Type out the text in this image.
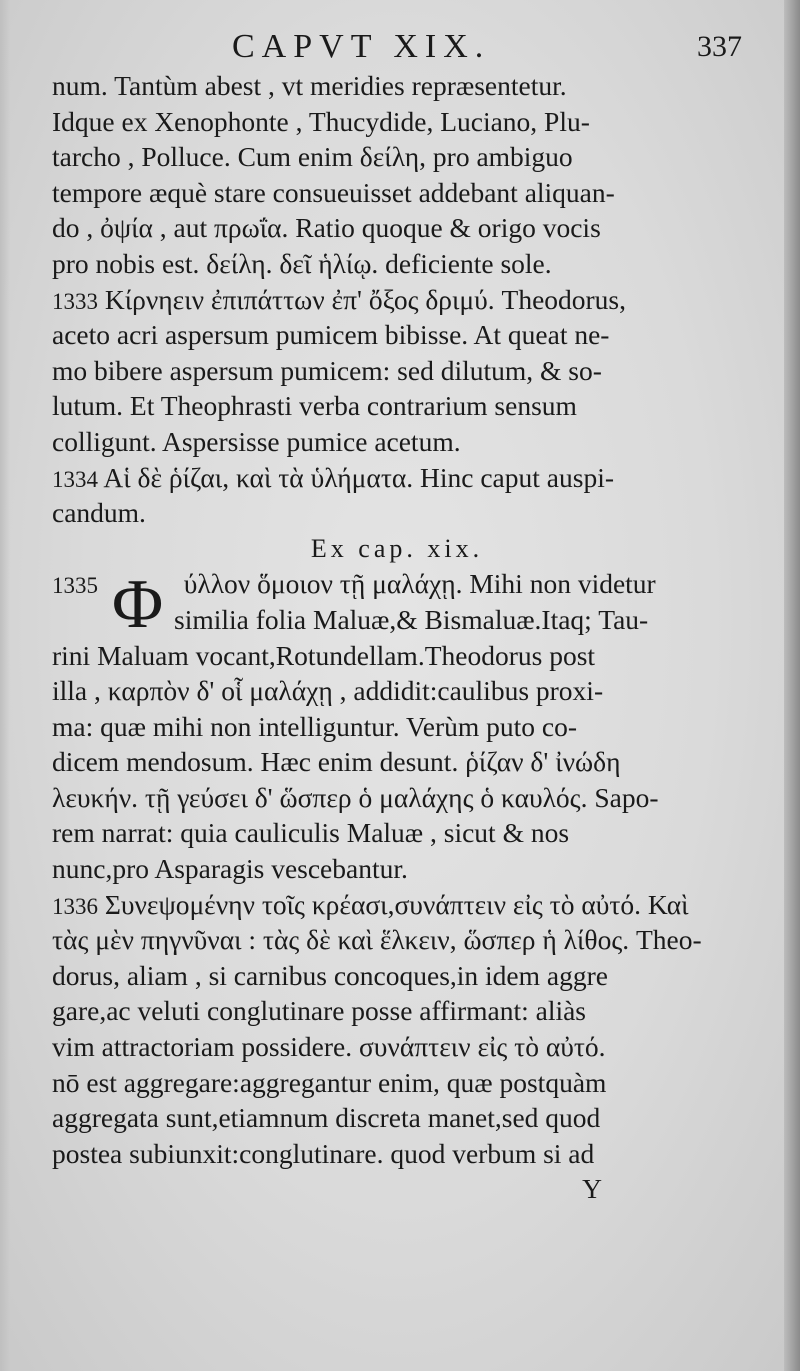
CAPVT XIX.	337
num. Tantùm abest , vt meridies repræsentetur.
Idque ex Xenophonte , Thucydide, Luciano, Plu-
tarcho , Polluce. Cum enim δείλη, pro ambiguo
tempore æquè stare consueuisset addebant aliquan-
do , ὀψία , aut πρωΐα. Ratio quoque & origo vocis
pro nobis est. δείλη. δεῖ ἡλίῳ. deficiente sole.
1333 Κίρνηειν ἐπιπάττων ἐπ' ὄξος δριμύ. Theodorus,
aceto acri aspersum pumicem bibisse. At queat ne-
mo bibere aspersum pumicem: sed dilutum, & so-
lutum. Et Theophrasti verba contrarium sensum
colligunt. Aspersisse pumice acetum.
1334 Αἱ δὲ ῥίζαι, καὶ τὰ ὑλήματα. Hinc caput auspi-
candum.
Ex cap. xix.
Φ
1335	ύλλον ὅμοιον τῇ μαλάχῃ. Mihi non videtur
similia folia Maluæ,& Bismaluæ.Itaq; Tau-
rini Maluam vocant,Rotundellam.Theodorus post
illa , καρπὸν δ' οἷ μαλάχῃ , addidit:caulibus proxi-
ma: quæ mihi non intelliguntur. Verùm puto co-
dicem mendosum. Hæc enim desunt. ῥίζαν δ' ἰνώδη
λευκήν. τῇ γεύσει δ' ὥσπερ ὁ μαλάχης ὁ καυλός. Sapo-
rem narrat: quia cauliculis Maluæ , sicut & nos
nunc,pro Asparagis vescebantur.
1336 Συνεψομένην τοῖς κρέασι,συνάπτειν εἰς τὸ αὐτό. Καὶ
τὰς μὲν πηγνῦναι : τὰς δὲ καὶ ἕλκειν, ὥσπερ ἡ λίθος. Theo-
dorus, aliam , si carnibus concoques,in idem aggre
gare,ac veluti conglutinare posse affirmant: aliàs
vim attractoriam possidere. συνάπτειν εἰς τὸ αὐτό.
nō est aggregare:aggregantur enim, quæ postquàm
aggregata sunt,etiamnum discreta manet,sed quod
postea subiunxit:conglutinare. quod verbum si ad
Y
